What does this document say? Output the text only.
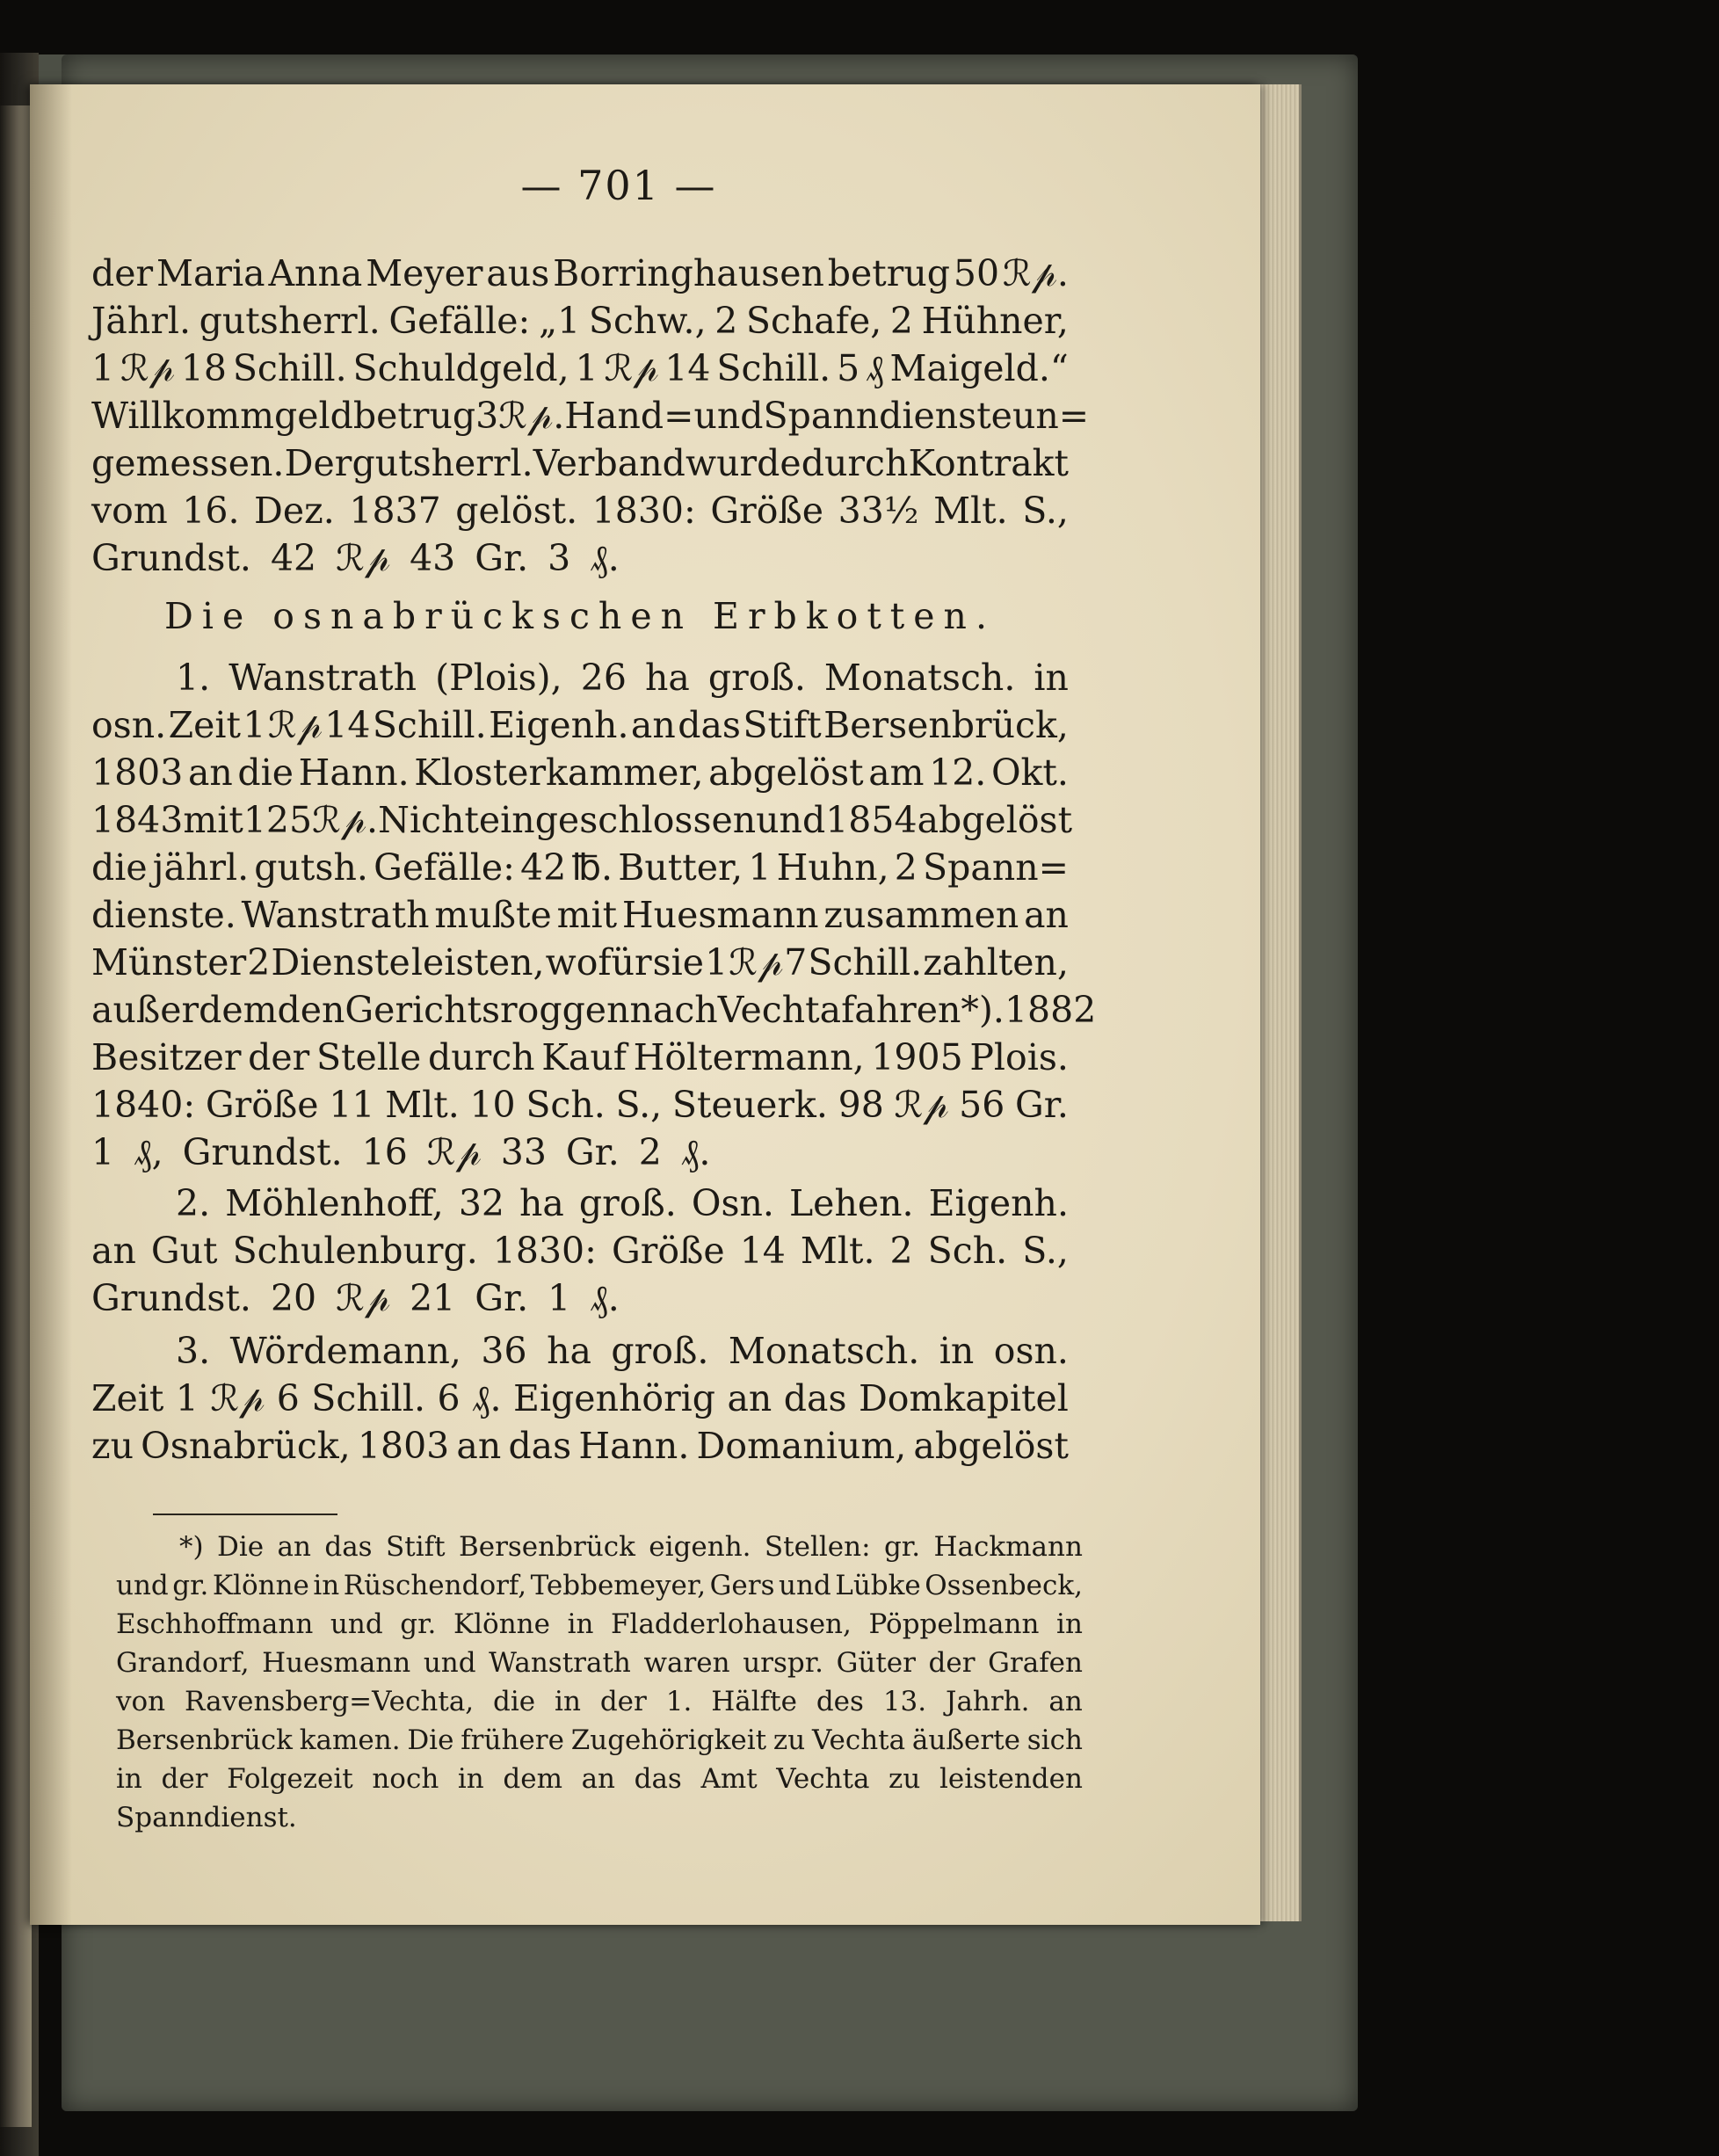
— 701 —
der Maria Anna Meyer aus Borringhausen betrug 50 ℛ𝓅.
Jährl. gutsherrl. Gefälle: „1 Schw., 2 Schafe, 2 Hühner,
1 ℛ𝓅 18 Schill. Schuldgeld, 1 ℛ𝓅 14 Schill. 5 ₰ Maigeld.“
Willkommgeld betrug 3 ℛ𝓅. Hand= und Spanndienste un=
gemessen. Der gutsherrl. Verband wurde durch Kontrakt
vom 16. Dez. 1837 gelöst. 1830: Größe 33½ Mlt. S.,
Grundst. 42 ℛ𝓅 43 Gr. 3 ₰.
Die osnabrückschen Erbkotten.
1. Wanstrath (Plois), 26 ha groß. Monatsch. in
osn. Zeit 1 ℛ𝓅 14 Schill. Eigenh. an das Stift Bersenbrück,
1803 an die Hann. Klosterkammer, abgelöst am 12. Okt.
1843 mit 125 ℛ𝓅. Nicht eingeschlossen und 1854 abgelöst
die jährl. gutsh. Gefälle: 42 ℔. Butter, 1 Huhn, 2 Spann=
dienste. Wanstrath mußte mit Huesmann zusammen an
Münster 2 Dienste leisten, wofür sie 1 ℛ𝓅 7 Schill. zahlten,
außerdem den Gerichtsroggen nach Vechta fahren*). 1882
Besitzer der Stelle durch Kauf Höltermann, 1905 Plois.
1840: Größe 11 Mlt. 10 Sch. S., Steuerk. 98 ℛ𝓅 56 Gr.
1 ₰, Grundst. 16 ℛ𝓅 33 Gr. 2 ₰.
2. Möhlenhoff, 32 ha groß. Osn. Lehen. Eigenh.
an Gut Schulenburg. 1830: Größe 14 Mlt. 2 Sch. S.,
Grundst. 20 ℛ𝓅 21 Gr. 1 ₰.
3. Wördemann, 36 ha groß. Monatsch. in osn.
Zeit 1 ℛ𝓅 6 Schill. 6 ₰. Eigenhörig an das Domkapitel
zu Osnabrück, 1803 an das Hann. Domanium, abgelöst
*) Die an das Stift Bersenbrück eigenh. Stellen: gr. Hackmann
und gr. Klönne in Rüschendorf, Tebbemeyer, Gers und Lübke Ossenbeck,
Eschhoffmann und gr. Klönne in Fladderlohausen, Pöppelmann in
Grandorf, Huesmann und Wanstrath waren urspr. Güter der Grafen
von Ravensberg=Vechta, die in der 1. Hälfte des 13. Jahrh. an
Bersenbrück kamen. Die frühere Zugehörigkeit zu Vechta äußerte sich
in der Folgezeit noch in dem an das Amt Vechta zu leistenden
Spanndienst.
